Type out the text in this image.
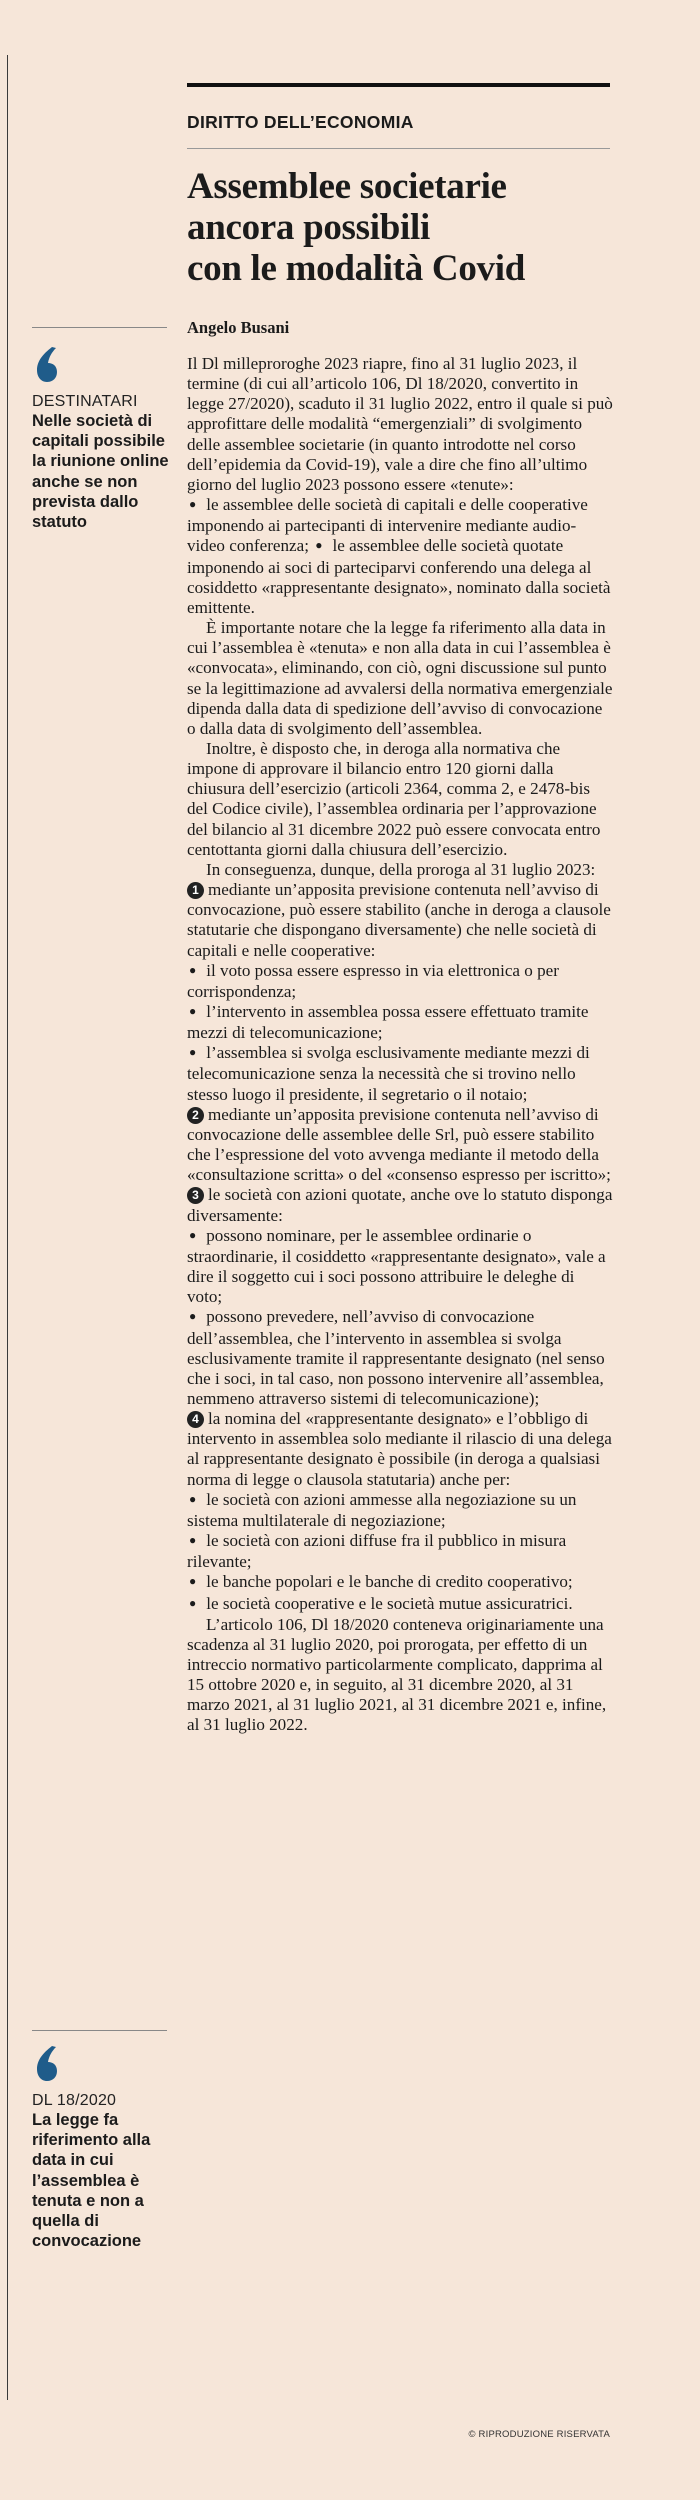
DIRITTO DELL’ECONOMIA
Assemblee societarie
ancora possibili
con le modalità Covid
Angelo Busani
DESTINATARI
Nelle società di capitali possibile la riunione online anche se non prevista dallo statuto
DL 18/2020
La legge fa riferimento alla data in cui l’assemblea è tenuta e non a quella di convocazione

Il Dl milleproroghe 2023 riapre, fino al 31 luglio 2023, il termine (di cui all’articolo 106, Dl 18/2020, convertito in legge 27/2020), scaduto il 31 luglio 2022, entro il quale si può approfittare delle modalità “emergenziali” di svolgimento delle assemblee societarie (in quanto introdotte nel corso dell’epidemia da Covid-19), vale a dire che fino all’ultimo giorno del luglio 2023 possono essere «tenute»:
● le assemblee delle società di capitali e delle cooperative imponendo ai partecipanti di intervenire mediante audio-video conferenza; ● le assemblee delle società quotate imponendo ai soci di parteciparvi conferendo una delega al cosiddetto «rappresentante designato», nominato dalla società emittente.

È importante notare che la legge fa riferimento alla data in cui l’assemblea è «tenuta» e non alla data in cui l’assemblea è «convocata», eliminando, con ciò, ogni discussione sul punto se la legittimazione ad avvalersi della normativa emergenziale dipenda dalla data di spedizione dell’avviso di convocazione o dalla data di svolgimento dell’assemblea.

Inoltre, è disposto che, in deroga alla normativa che impone di approvare il bilancio entro 120 giorni dalla chiusura dell’esercizio (articoli 2364, comma 2, e 2478-bis del Codice civile), l’assemblea ordinaria per l’approvazione del bilancio al 31 dicembre 2022 può essere convocata entro centottanta giorni dalla chiusura dell’esercizio.

In conseguenza, dunque, della proroga al 31 luglio 2023:

1 mediante un’apposita previsione contenuta nell’avviso di convocazione, può essere stabilito (anche in deroga a clausole statutarie che dispongano diversamente) che nelle società di capitali e nelle cooperative:

● il voto possa essere espresso in via elettronica o per corrispondenza;

● l’intervento in assemblea possa essere effettuato tramite mezzi di telecomunicazione;

● l’assemblea si svolga esclusivamente mediante mezzi di telecomunicazione senza la necessità che si trovino nello stesso luogo il presidente, il segretario o il notaio;

2 mediante un’apposita previsione contenuta nell’avviso di convocazione delle assemblee delle Srl, può essere stabilito che l’espressione del voto avvenga mediante il metodo della «consultazione scritta» o del «consenso espresso per iscritto»;

3 le società con azioni quotate, anche ove lo statuto disponga diversamente:

● possono nominare, per le assemblee ordinarie o straordinarie, il cosiddetto «rappresentante designato», vale a dire il soggetto cui i soci possono attribuire le deleghe di voto;

● possono prevedere, nell’avviso di convocazione dell’assemblea, che l’intervento in assemblea si svolga esclusivamente tramite il rappresentante designato (nel senso che i soci, in tal caso, non possono intervenire all’assemblea, nemmeno attraverso sistemi di telecomunicazione);

4 la nomina del «rappresentante designato» e l’obbligo di intervento in assemblea solo mediante il rilascio di una delega al rappresentante designato è possibile (in deroga a qualsiasi norma di legge o clausola statutaria) anche per:

● le società con azioni ammesse alla negoziazione su un sistema multilaterale di negoziazione;

● le società con azioni diffuse fra il pubblico in misura rilevante;

● le banche popolari e le banche di credito cooperativo;

● le società cooperative e le società mutue assicuratrici.

L’articolo 106, Dl 18/2020 conteneva originariamente una scadenza al 31 luglio 2020, poi prorogata, per effetto di un intreccio normativo particolarmente complicato, dapprima al 15 ottobre 2020 e, in seguito, al 31 dicembre 2020, al 31 marzo 2021, al 31 luglio 2021, al 31 dicembre 2021 e, infine, al 31 luglio 2022.

© RIPRODUZIONE RISERVATA
